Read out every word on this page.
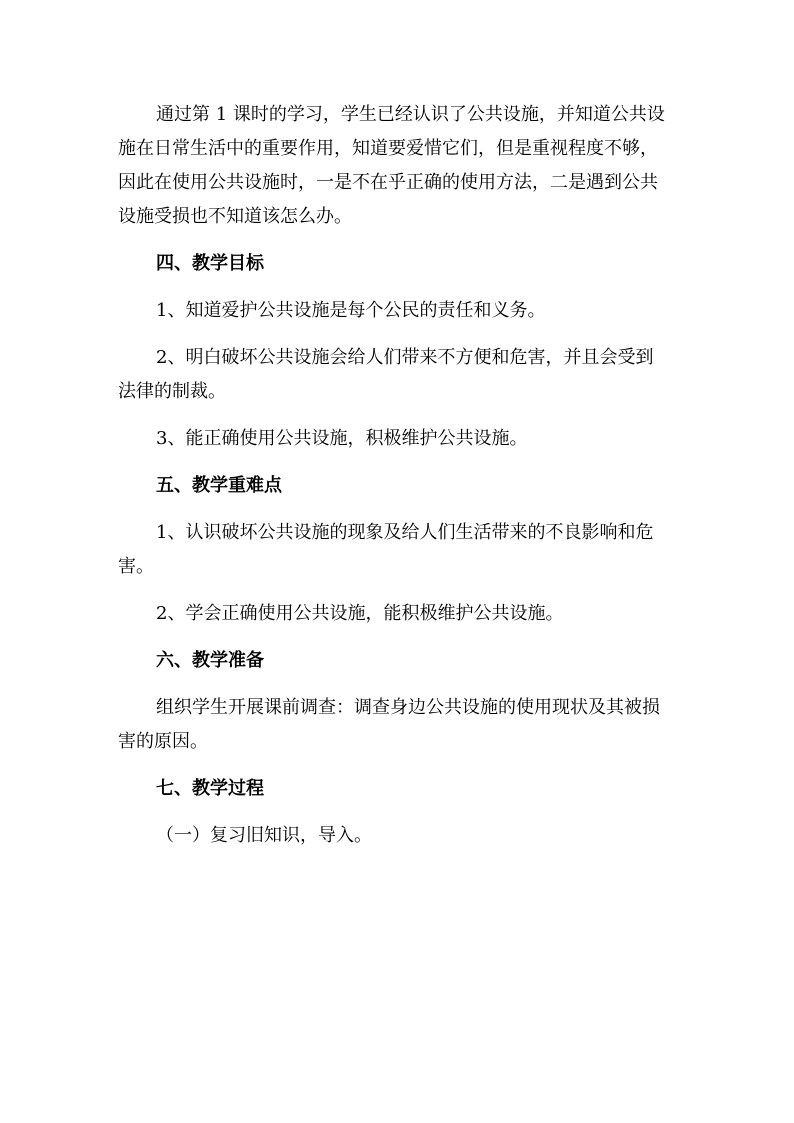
通过第 1 课时的学习，学生已经认识了公共设施，并知道公共设

施在日常生活中的重要作用，知道要爱惜它们，但是重视程度不够，

因此在使用公共设施时，一是不在乎正确的使用方法，二是遇到公共

设施受损也不知道该怎么办。

四、教学目标

1、知道爱护公共设施是每个公民的责任和义务。

2、明白破坏公共设施会给人们带来不方便和危害，并且会受到

法律的制裁。

3、能正确使用公共设施，积极维护公共设施。

五、教学重难点

1、认识破坏公共设施的现象及给人们生活带来的不良影响和危

害。

2、学会正确使用公共设施，能积极维护公共设施。

六、教学准备

组织学生开展课前调查：调查身边公共设施的使用现状及其被损

害的原因。

七、教学过程

（一）复习旧知识，导入。
